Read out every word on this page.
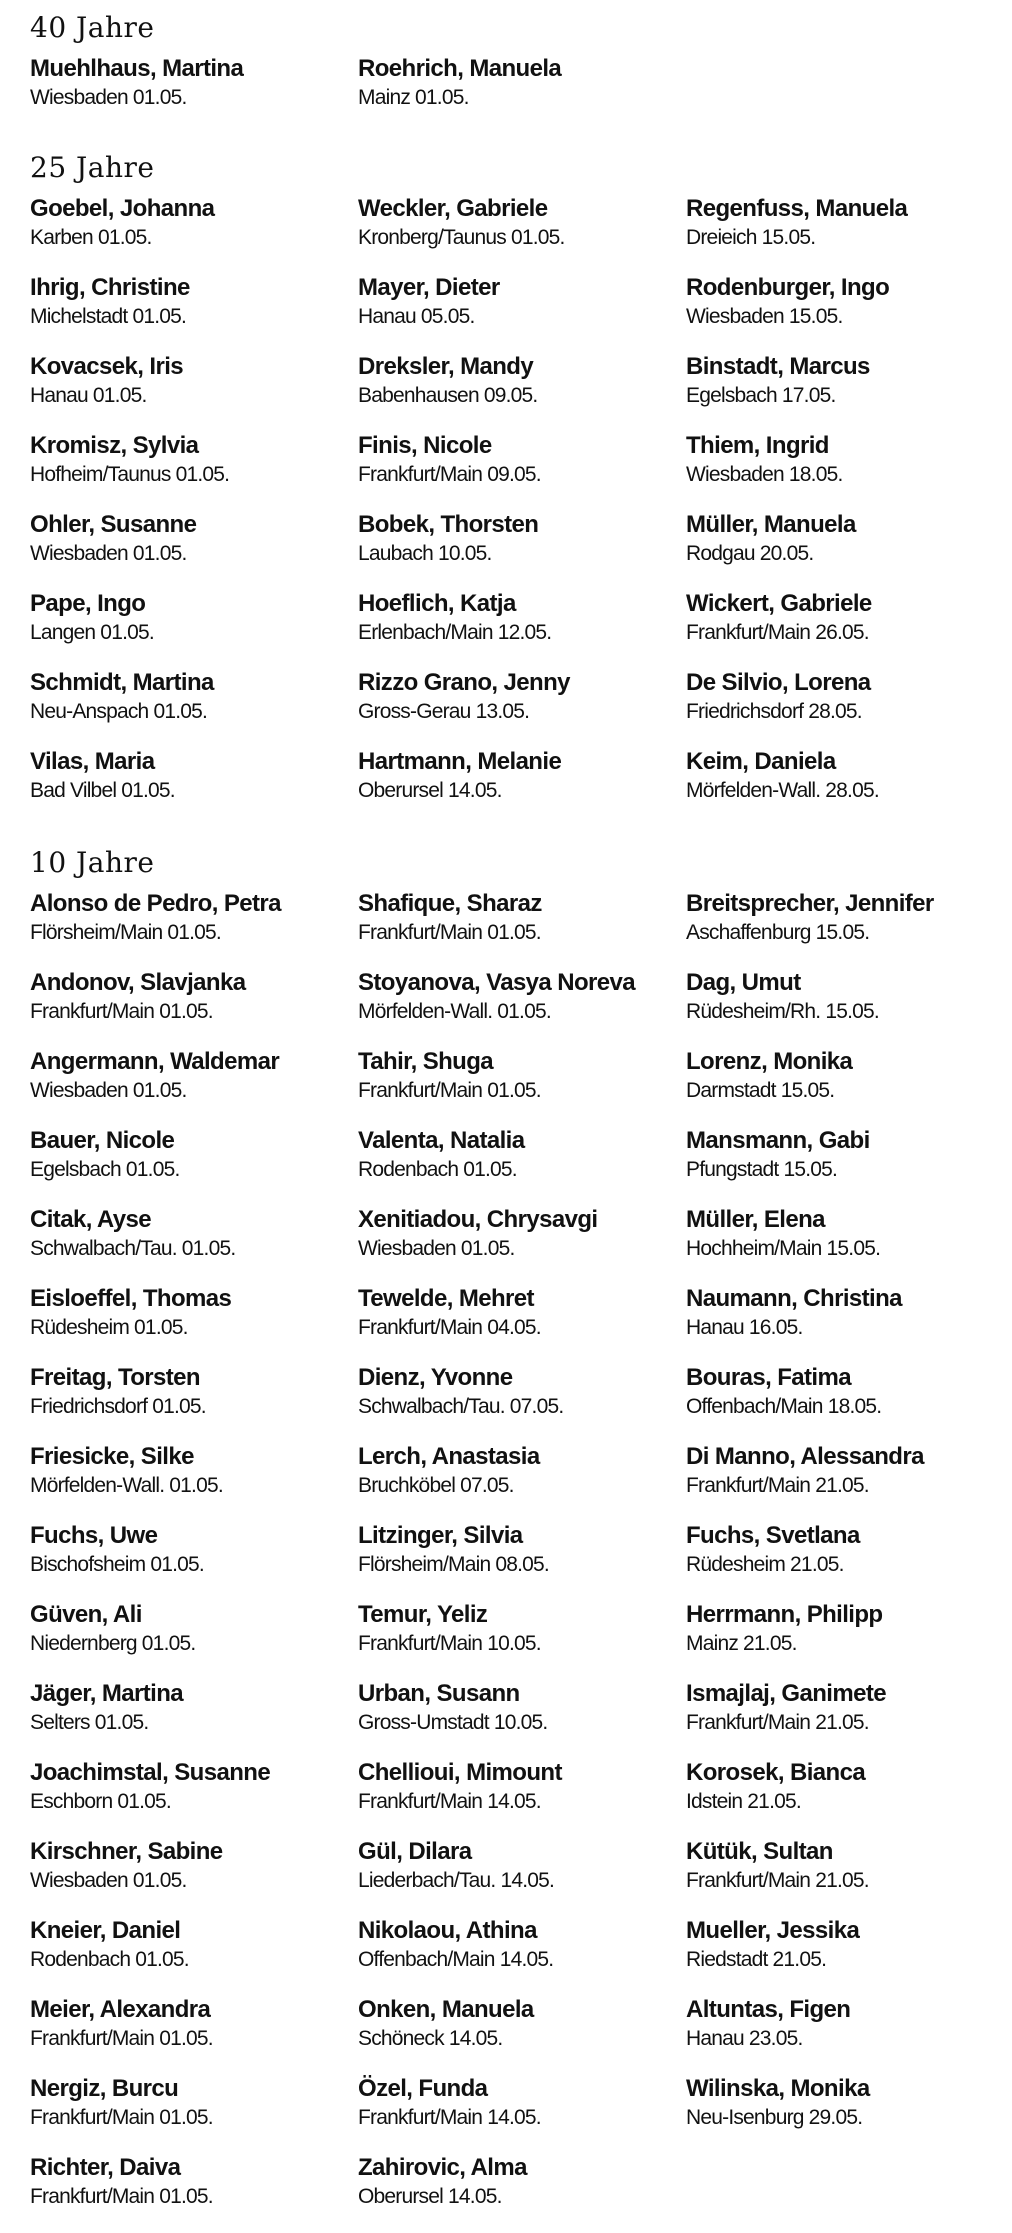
40 Jahre
Muehlhaus, Martina
Wiesbaden 01.05.
Roehrich, Manuela
Mainz 01.05.
25 Jahre
Goebel, Johanna
Karben 01.05.
Weckler, Gabriele
Kronberg/Taunus 01.05.
Regenfuss, Manuela
Dreieich 15.05.
Ihrig, Christine
Michelstadt 01.05.
Mayer, Dieter
Hanau 05.05.
Rodenburger, Ingo
Wiesbaden 15.05.
Kovacsek, Iris
Hanau 01.05.
Dreksler, Mandy
Babenhausen 09.05.
Binstadt, Marcus
Egelsbach 17.05.
Kromisz, Sylvia
Hofheim/Taunus 01.05.
Finis, Nicole
Frankfurt/Main 09.05.
Thiem, Ingrid
Wiesbaden 18.05.
Ohler, Susanne
Wiesbaden 01.05.
Bobek, Thorsten
Laubach 10.05.
Müller, Manuela
Rodgau 20.05.
Pape, Ingo
Langen 01.05.
Hoeflich, Katja
Erlenbach/Main 12.05.
Wickert, Gabriele
Frankfurt/Main 26.05.
Schmidt, Martina
Neu-Anspach 01.05.
Rizzo Grano, Jenny
Gross-Gerau 13.05.
De Silvio, Lorena
Friedrichsdorf 28.05.
Vilas, Maria
Bad Vilbel 01.05.
Hartmann, Melanie
Oberursel 14.05.
Keim, Daniela
Mörfelden-Wall. 28.05.
10 Jahre
Alonso de Pedro, Petra
Flörsheim/Main 01.05.
Shafique, Sharaz
Frankfurt/Main 01.05.
Breitsprecher, Jennifer
Aschaffenburg 15.05.
Andonov, Slavjanka
Frankfurt/Main 01.05.
Stoyanova, Vasya Noreva
Mörfelden-Wall. 01.05.
Dag, Umut
Rüdesheim/Rh. 15.05.
Angermann, Waldemar
Wiesbaden 01.05.
Tahir, Shuga
Frankfurt/Main 01.05.
Lorenz, Monika
Darmstadt 15.05.
Bauer, Nicole
Egelsbach 01.05.
Valenta, Natalia
Rodenbach 01.05.
Mansmann, Gabi
Pfungstadt 15.05.
Citak, Ayse
Schwalbach/Tau. 01.05.
Xenitiadou, Chrysavgi
Wiesbaden 01.05.
Müller, Elena
Hochheim/Main 15.05.
Eisloeffel, Thomas
Rüdesheim 01.05.
Tewelde, Mehret
Frankfurt/Main 04.05.
Naumann, Christina
Hanau 16.05.
Freitag, Torsten
Friedrichsdorf 01.05.
Dienz, Yvonne
Schwalbach/Tau. 07.05.
Bouras, Fatima
Offenbach/Main 18.05.
Friesicke, Silke
Mörfelden-Wall. 01.05.
Lerch, Anastasia
Bruchköbel 07.05.
Di Manno, Alessandra
Frankfurt/Main 21.05.
Fuchs, Uwe
Bischofsheim 01.05.
Litzinger, Silvia
Flörsheim/Main 08.05.
Fuchs, Svetlana
Rüdesheim 21.05.
Güven, Ali
Niedernberg 01.05.
Temur, Yeliz
Frankfurt/Main 10.05.
Herrmann, Philipp
Mainz 21.05.
Jäger, Martina
Selters 01.05.
Urban, Susann
Gross-Umstadt 10.05.
Ismajlaj, Ganimete
Frankfurt/Main 21.05.
Joachimstal, Susanne
Eschborn 01.05.
Chellioui, Mimount
Frankfurt/Main 14.05.
Korosek, Bianca
Idstein 21.05.
Kirschner, Sabine
Wiesbaden 01.05.
Gül, Dilara
Liederbach/Tau. 14.05.
Kütük, Sultan
Frankfurt/Main 21.05.
Kneier, Daniel
Rodenbach 01.05.
Nikolaou, Athina
Offenbach/Main 14.05.
Mueller, Jessika
Riedstadt 21.05.
Meier, Alexandra
Frankfurt/Main 01.05.
Onken, Manuela
Schöneck 14.05.
Altuntas, Figen
Hanau 23.05.
Nergiz, Burcu
Frankfurt/Main 01.05.
Özel, Funda
Frankfurt/Main 14.05.
Wilinska, Monika
Neu-Isenburg 29.05.
Richter, Daiva
Frankfurt/Main 01.05.
Zahirovic, Alma
Oberursel 14.05.
